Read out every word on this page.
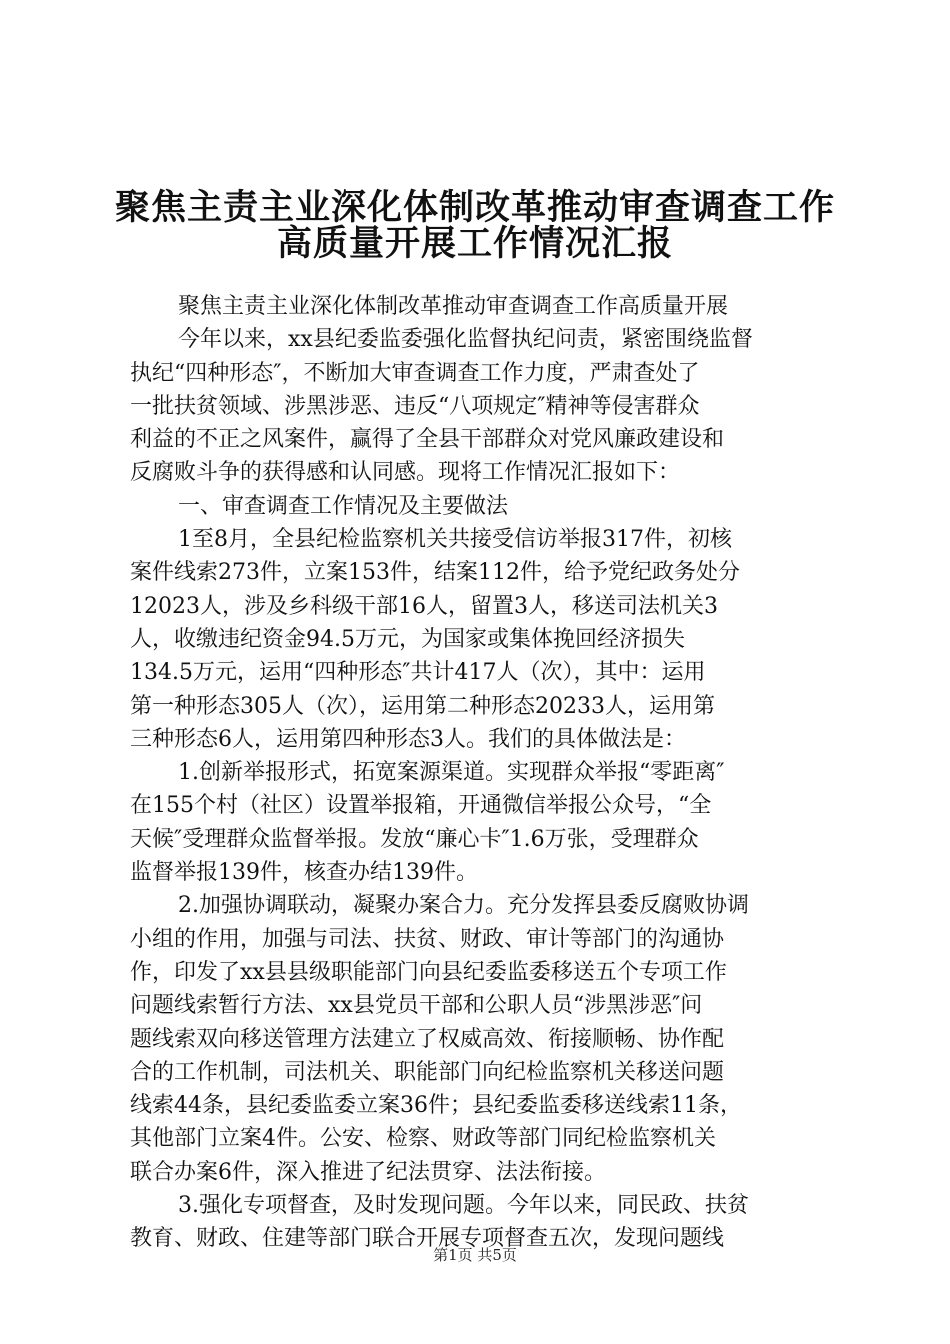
聚焦主责主业深化体制改革推动审查调查工作
高质量开展工作情况汇报
聚焦主责主业深化体制改革推动审查调查工作高质量开展
今年以来，xx县纪委监委强化监督执纪问责，紧密围绕监督
执纪“四种形态″，不断加大审查调查工作力度，严肃查处了
一批扶贫领域、涉黑涉恶、违反“八项规定″精神等侵害群众
利益的不正之风案件，赢得了全县干部群众对党风廉政建设和
反腐败斗争的获得感和认同感。现将工作情况汇报如下：
一、审查调查工作情况及主要做法
1至8月，全县纪检监察机关共接受信访举报317件，初核
案件线索273件，立案153件，结案112件，给予党纪政务处分
12023人，涉及乡科级干部16人，留置3人，移送司法机关3
人，收缴违纪资金94.5万元，为国家或集体挽回经济损失
134.5万元，运用“四种形态″共计417人（次），其中：运用
第一种形态305人（次），运用第二种形态20233人，运用第
三种形态6人，运用第四种形态3人。我们的具体做法是：
1.创新举报形式，拓宽案源渠道。实现群众举报“零距离″
在155个村（社区）设置举报箱，开通微信举报公众号，“全
天候″受理群众监督举报。发放“廉心卡″1.6万张，受理群众
监督举报139件，核查办结139件。
2.加强协调联动，凝聚办案合力。充分发挥县委反腐败协调
小组的作用，加强与司法、扶贫、财政、审计等部门的沟通协
作，印发了xx县县级职能部门向县纪委监委移送五个专项工作
问题线索暂行方法、xx县党员干部和公职人员“涉黑涉恶″问
题线索双向移送管理方法建立了权威高效、衔接顺畅、协作配
合的工作机制，司法机关、职能部门向纪检监察机关移送问题
线索44条，县纪委监委立案36件；县纪委监委移送线索11条，
其他部门立案4件。公安、检察、财政等部门同纪检监察机关
联合办案6件，深入推进了纪法贯穿、法法衔接。
3.强化专项督查，及时发现问题。今年以来，同民政、扶贫
教育、财政、住建等部门联合开展专项督查五次，发现问题线
第1页 共5页
